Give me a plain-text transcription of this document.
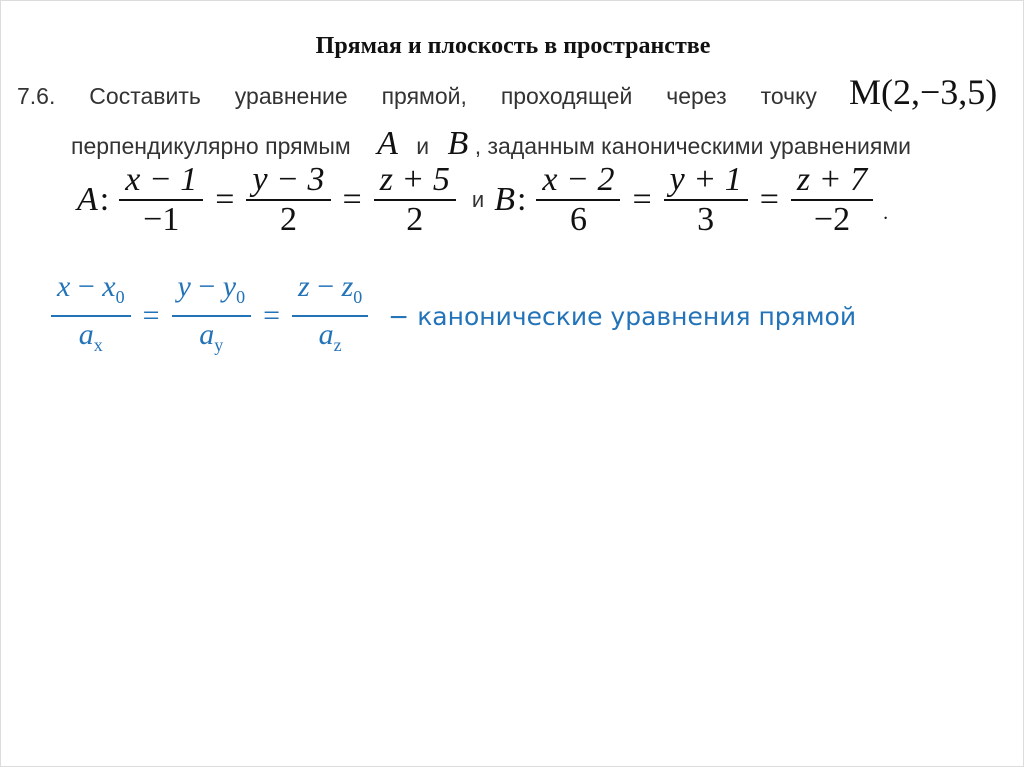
Прямая и плоскость в пространстве
7.6. Составить уравнение прямой, проходящей через точку M(2,−3,5)
перпендикулярно прямым A и B , заданным каноническими уравнениями
A : $\frac{x - 1}{-1} = \frac{y - 3}{2} = \frac{z + 5}{2}$ и B : $\frac{x - 2}{6} = \frac{y + 1}{3} = \frac{z + 7}{-2}$ .
$\frac{x - x_0}{a_x} = \frac{y - y_0}{a_y} = \frac{z - z_0}{a_z}$ − канонические уравнения прямой
